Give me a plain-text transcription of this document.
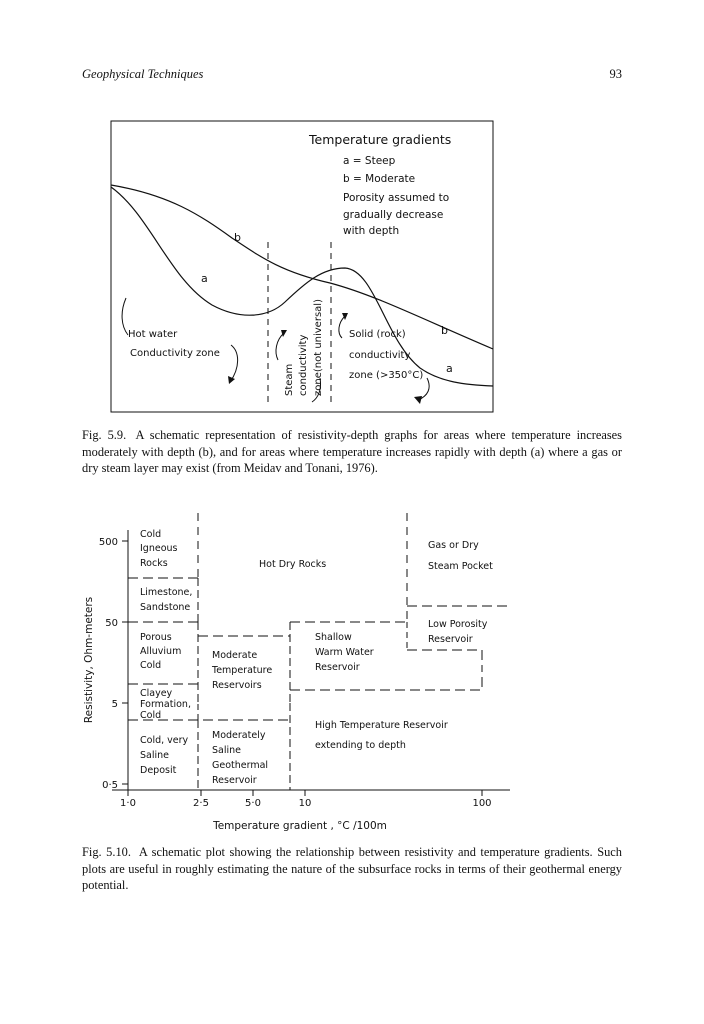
Geophysical Techniques	93
Temperature gradients
a = Steep
b = Moderate
Porosity assumed to
gradually decrease
with depth
b
a
b
a
Hot water
Conductivity zone
Steam conductivity zone(not universal)	Solid (rock)
conductivity
zone (>350°C)
Fig. 5.9. A schematic representation of resistivity-depth graphs for areas where temperature increases moderately with depth (b), and for areas where temperature increases rapidly with depth (a) where a gas or dry steam layer may exist (from Meidav and Tonani, 1976).
500
50
5
0·5
1·0	2·5	5·0	10	100
Temperature gradient , °C /100m
Resistivity, Ohm-meters
Cold Igneous Rocks	Hot Dry Rocks
Gas or Dry Steam Pocket
Limestone, Sandstone
Low Porosity Reservoir
Porous Alluvium Cold
Moderate Temperature Reservoirs
Shallow Warm Water Reservoir
Clayey Formation, Cold
High Temperature Reservoir extending to depth
Cold, very Saline Deposit
Moderately Saline Geothermal Reservoir
Fig. 5.10. A schematic plot showing the relationship between resistivity and temperature gradients. Such plots are useful in roughly estimating the nature of the subsurface rocks in terms of their geothermal energy potential.
